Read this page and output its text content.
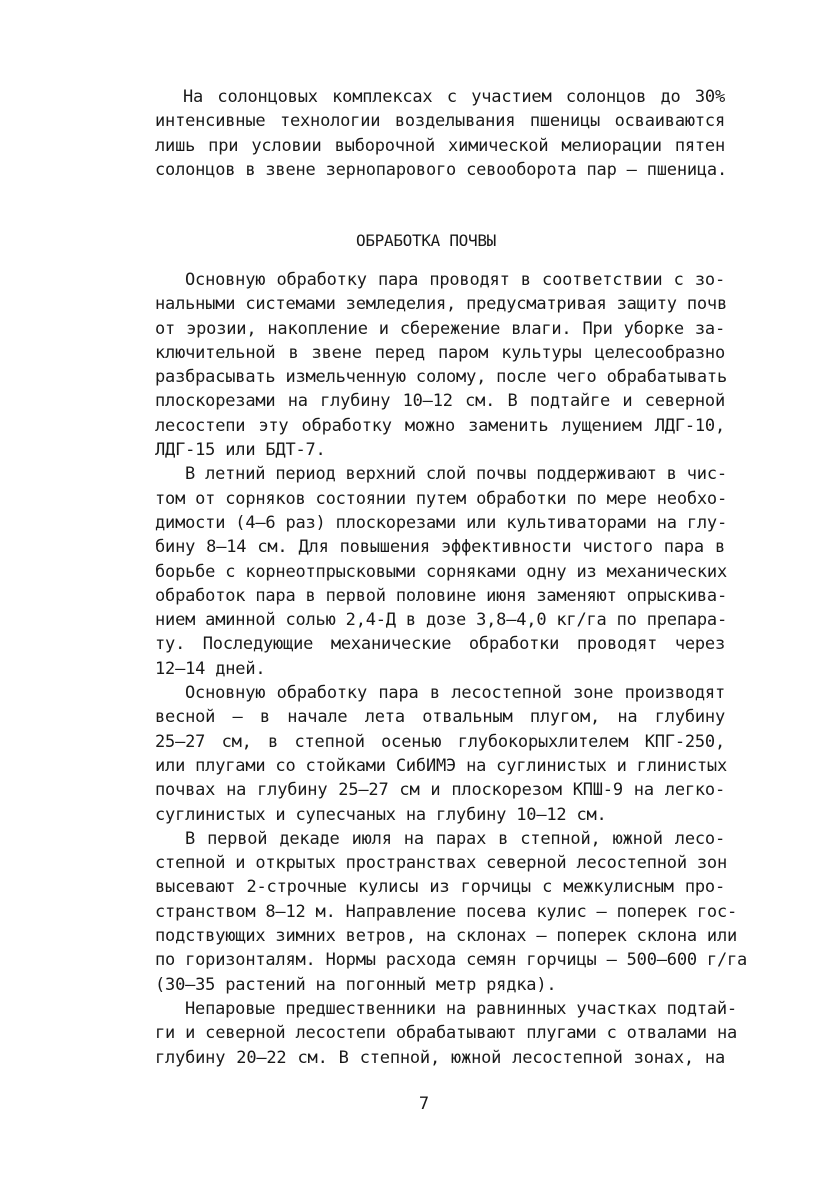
На солонцовых комплексах с участием солонцов до 30%
интенсивные технологии возделывания пшеницы осваиваются
лишь при условии выборочной химической мелиорации пятен
солонцов в звене зернопарового севооборота пар – пшеница.
ОБРАБОТКА ПОЧВЫ
Основную обработку пара проводят в соответствии с зо-
нальными системами земледелия, предусматривая защиту почв
от эрозии, накопление и сбережение влаги. При уборке за-
ключительной в звене перед паром культуры целесообразно
разбрасывать измельченную солому, после чего обрабатывать
плоскорезами на глубину 10–12 см. В подтайге и северной
лесостепи эту обработку можно заменить лущением ЛДГ-10,
ЛДГ-15 или БДТ-7.
В летний период верхний слой почвы поддерживают в чис-
том от сорняков состоянии путем обработки по мере необхо-
димости (4–6 раз) плоскорезами или культиваторами на глу-
бину 8–14 см. Для повышения эффективности чистого пара в
борьбе с корнеотпрысковыми сорняками одну из механических
обработок пара в первой половине июня заменяют опрыскива-
нием аминной солью 2,4-Д в дозе 3,8–4,0 кг/га по препара-
ту. Последующие механические обработки проводят через
12–14 дней.
Основную обработку пара в лесостепной зоне производят
весной – в начале лета отвальным плугом, на глубину
25–27 см, в степной осенью глубокорыхлителем КПГ-250,
или плугами со стойками СибИМЭ на суглинистых и глинистых
почвах на глубину 25–27 см и плоскорезом КПШ-9 на легко-
суглинистых и супесчаных на глубину 10–12 см.
В первой декаде июля на парах в степной, южной лесо-
степной и открытых пространствах северной лесостепной зон
высевают 2-строчные кулисы из горчицы с межкулисным про-
странством 8–12 м. Направление посева кулис – поперек гос-
подствующих зимних ветров, на склонах – поперек склона или
по горизонталям. Нормы расхода семян горчицы – 500–600 г/га
(30–35 растений на погонный метр рядка).
Непаровые предшественники на равнинных участках подтай-
ги и северной лесостепи обрабатывают плугами с отвалами на
глубину 20–22 см. В степной, южной лесостепной зонах, на
7
